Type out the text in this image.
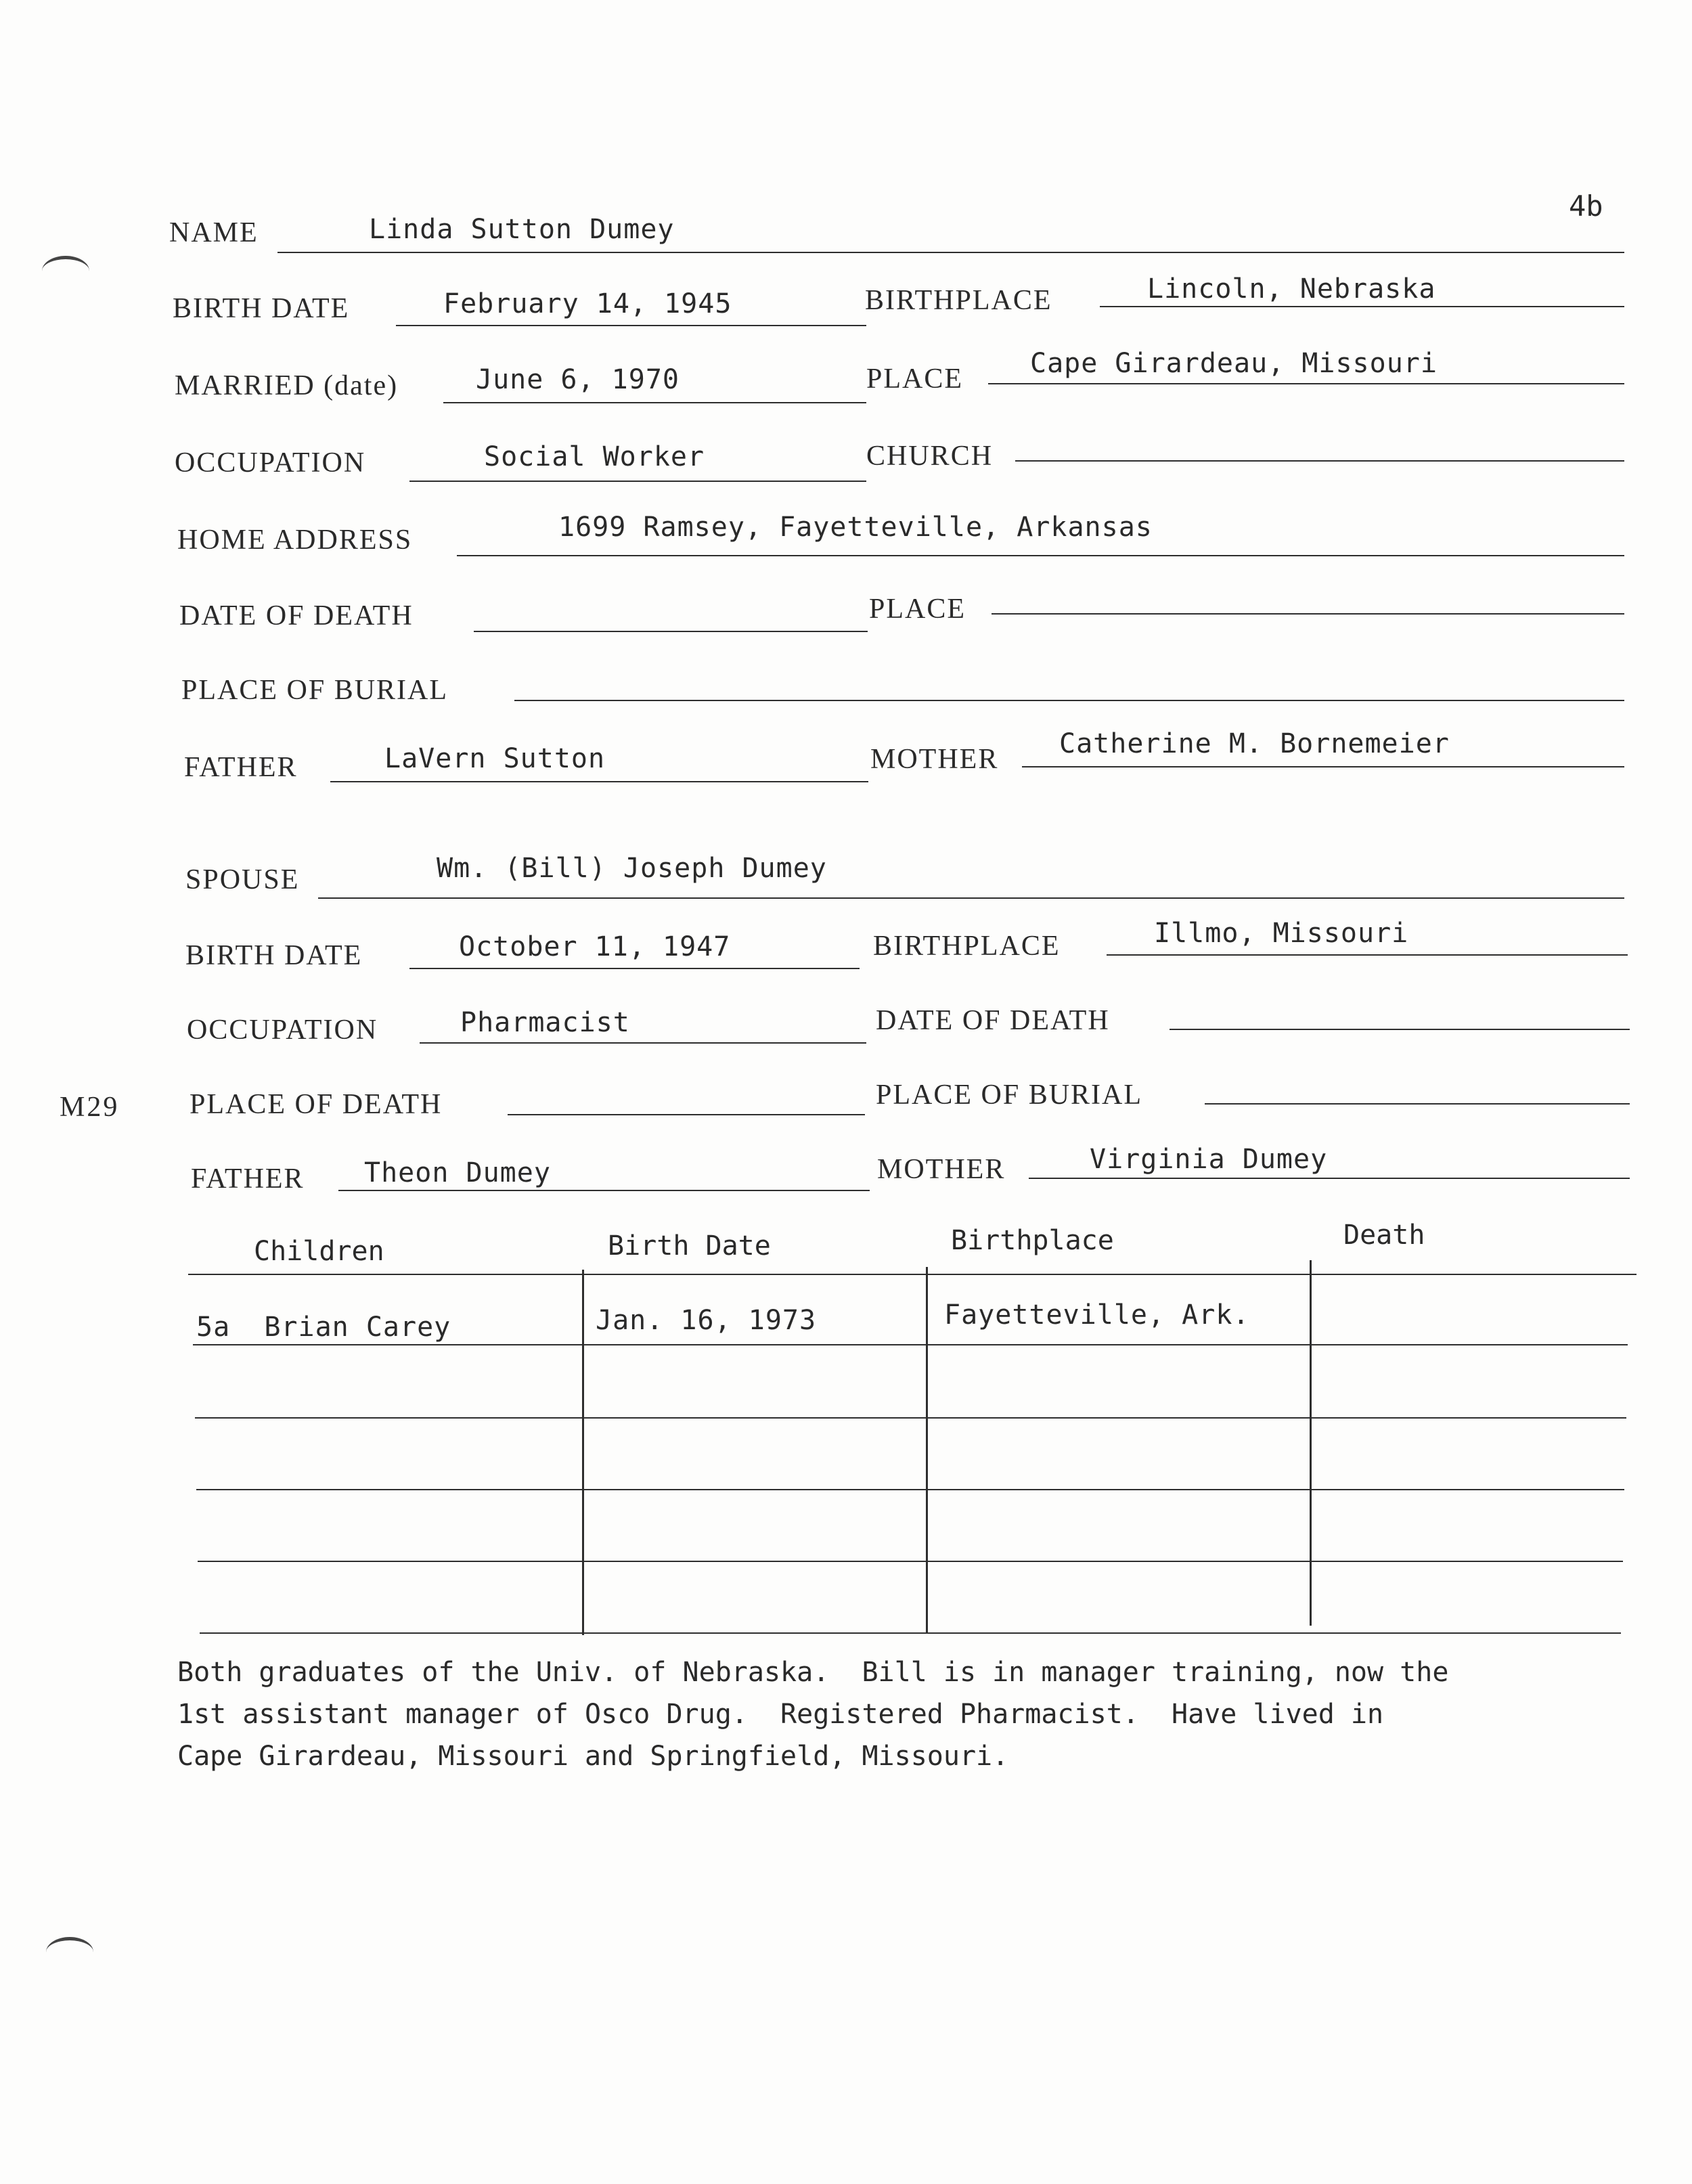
4b
M29
NAME	Linda Sutton Dumey
BIRTH DATE	February 14, 1945	BIRTHPLACE	Lincoln, Nebraska
MARRIED (date)	June 6, 1970	PLACE Cape Girardeau, Missouri
OCCUPATION	Social Worker	CHURCH
HOME ADDRESS	1699 Ramsey, Fayetteville, Arkansas
DATE OF DEATH	PLACE
PLACE OF BURIAL
FATHER	LaVern Sutton	MOTHER Catherine M. Bornemeier
SPOUSE	Wm. (Bill) Joseph Dumey
BIRTH DATE	October 11, 1947	BIRTHPLACE	Illmo, Missouri
OCCUPATION	Pharmacist	DATE OF DEATH
PLACE OF DEATH	PLACE OF BURIAL
FATHER Theon Dumey	MOTHER	Virginia Dumey
Children	Birth Date	Birthplace	Death
5a  Brian Carey	Jan. 16, 1973	Fayetteville, Ark.
Both graduates of the Univ. of Nebraska.  Bill is in manager training, now the
1st assistant manager of Osco Drug.  Registered Pharmacist.  Have lived in
Cape Girardeau, Missouri and Springfield, Missouri.
